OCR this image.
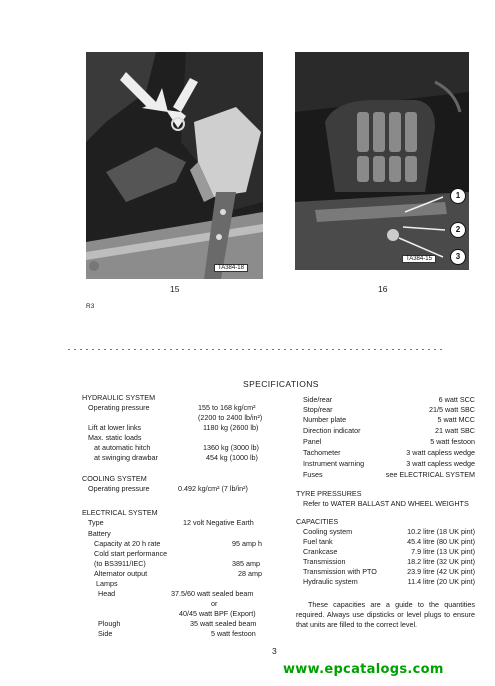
TA384-18
15
1
2
3
TA384-15
16
R3
SPECIFICATIONS
HYDRAULIC SYSTEM
Operating pressure	155 to 168 kg/cm²
(2200 to 2400 lb/in²)
Lift at lower links	1180 kg (2600 lb)
Max. static loads
at automatic hitch	1360 kg (3000 lb)
at swinging drawbar	454 kg (1000 lb)
COOLING SYSTEM
Operating pressure	0.492 kg/cm² (7 lb/in²)
ELECTRICAL SYSTEM
Type	12 volt Negative Earth
Battery
Capacity at 20 h rate	95 amp h
Cold start performance
(to BS3911/IEC)	385 amp
Alternator output	28 amp
Lamps
Head	37.5/60 watt sealed beam
or
40/45 watt BPF (Export)
Plough	35 watt sealed beam
Side	5 watt festoon
Side/rear	6 watt SCC
Stop/rear	21/5 watt SBC
Number plate	5 watt MCC
Direction indicator	21 watt SBC
Panel	5 watt festoon
Tachometer	3 watt capless wedge
Instrument warning	3 watt capless wedge
Fuses	see ELECTRICAL SYSTEM
TYRE PRESSURES
Refer to WATER BALLAST AND WHEEL WEIGHTS
CAPACITIES
Cooling system	10.2 litre (18 UK pint)
Fuel tank	45.4 litre (80 UK pint)
Crankcase	7.9 litre (13 UK pint)
Transmission	18.2 litre (32 UK pint)
Transmission with PTO	23.9 litre (42 UK pint)
Hydraulic system	11.4 litre (20 UK pint)
These capacities are a guide to the quantities required. Always use dipsticks or level plugs to ensure that units are filled to the correct level.
3
www.epcatalogs.com
